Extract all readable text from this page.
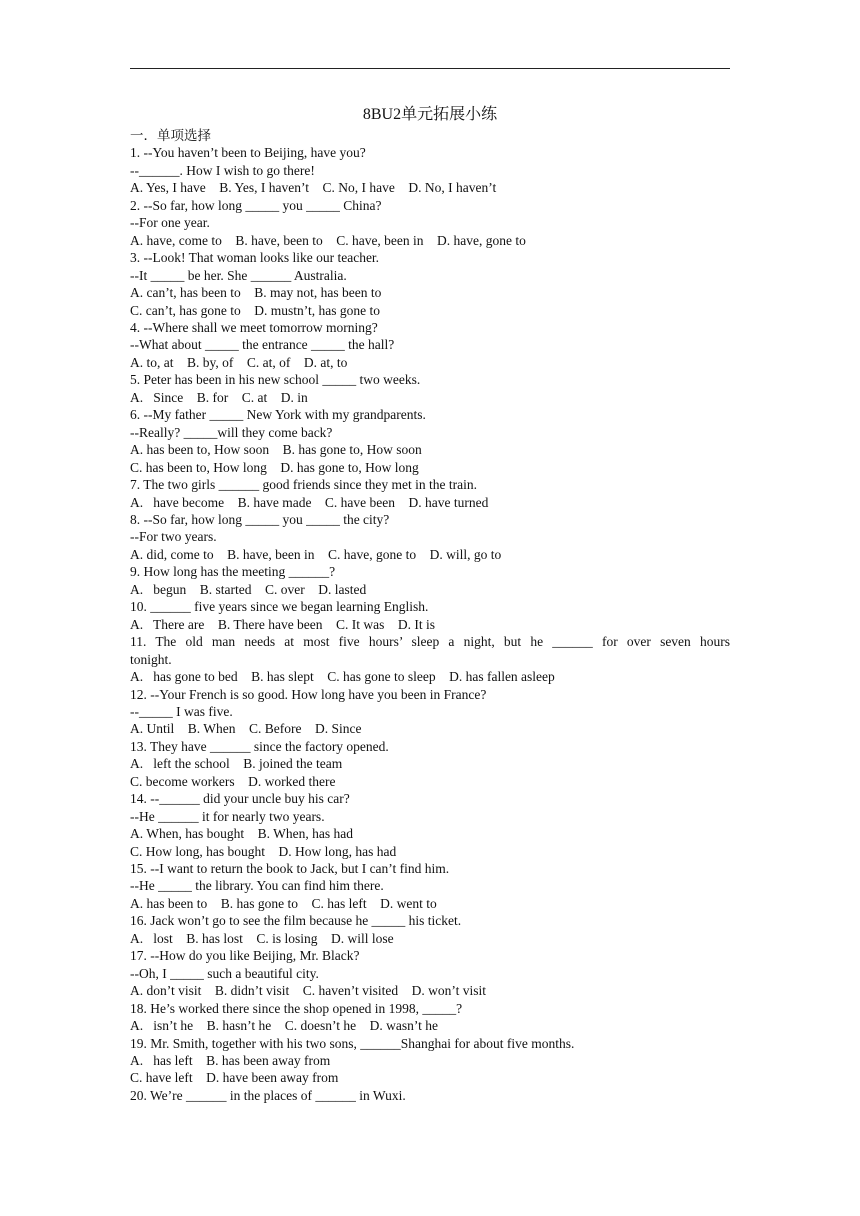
8BU2单元拓展小练
一．单项选择
1. --You haven’t been to Beijing, have you?
--______. How I wish to go there!
A. Yes, I have    B. Yes, I haven’t    C. No, I have    D. No, I haven’t
2. --So far, how long _____ you _____ China?
--For one year.
A. have, come to    B. have, been to    C. have, been in    D. have, gone to
3. --Look! That woman looks like our teacher.
--It _____ be her. She ______ Australia.
A. can’t, has been to    B. may not, has been to
C. can’t, has gone to    D. mustn’t, has gone to
4. --Where shall we meet tomorrow morning?
--What about _____ the entrance _____ the hall?
A. to, at    B. by, of    C. at, of    D. at, to
5. Peter has been in his new school _____ two weeks.
A.   Since    B. for    C. at    D. in
6. --My father _____ New York with my grandparents.
--Really? _____will they come back?
A. has been to, How soon    B. has gone to, How soon
C. has been to, How long    D. has gone to, How long
7. The two girls ______ good friends since they met in the train.
A.   have become    B. have made    C. have been    D. have turned
8. --So far, how long _____ you _____ the city?
--For two years.
A. did, come to    B. have, been in    C. have, gone to    D. will, go to
9. How long has the meeting ______?
A.   begun    B. started    C. over    D. lasted
10. ______ five years since we began learning English.
A.   There are    B. There have been    C. It was    D. It is
11. The old man needs at most five hours’ sleep a night, but he ______ for over seven hours
tonight.
A.   has gone to bed    B. has slept    C. has gone to sleep    D. has fallen asleep
12. --Your French is so good. How long have you been in France?
--_____ I was five.
A. Until    B. When    C. Before    D. Since
13. They have ______ since the factory opened.
A.   left the school    B. joined the team
C. become workers    D. worked there
14. --______ did your uncle buy his car?
--He ______ it for nearly two years.
A. When, has bought    B. When, has had
C. How long, has bought    D. How long, has had
15. --I want to return the book to Jack, but I can’t find him.
--He _____ the library. You can find him there.
A. has been to    B. has gone to    C. has left    D. went to
16. Jack won’t go to see the film because he _____ his ticket.
A.   lost    B. has lost    C. is losing    D. will lose
17. --How do you like Beijing, Mr. Black?
--Oh, I _____ such a beautiful city.
A. don’t visit    B. didn’t visit    C. haven’t visited    D. won’t visit
18. He’s worked there since the shop opened in 1998, _____?
A.   isn’t he    B. hasn’t he    C. doesn’t he    D. wasn’t he
19. Mr. Smith, together with his two sons, ______Shanghai for about five months.
A.   has left    B. has been away from
C. have left    D. have been away from
20. We’re ______ in the places of ______ in Wuxi.
